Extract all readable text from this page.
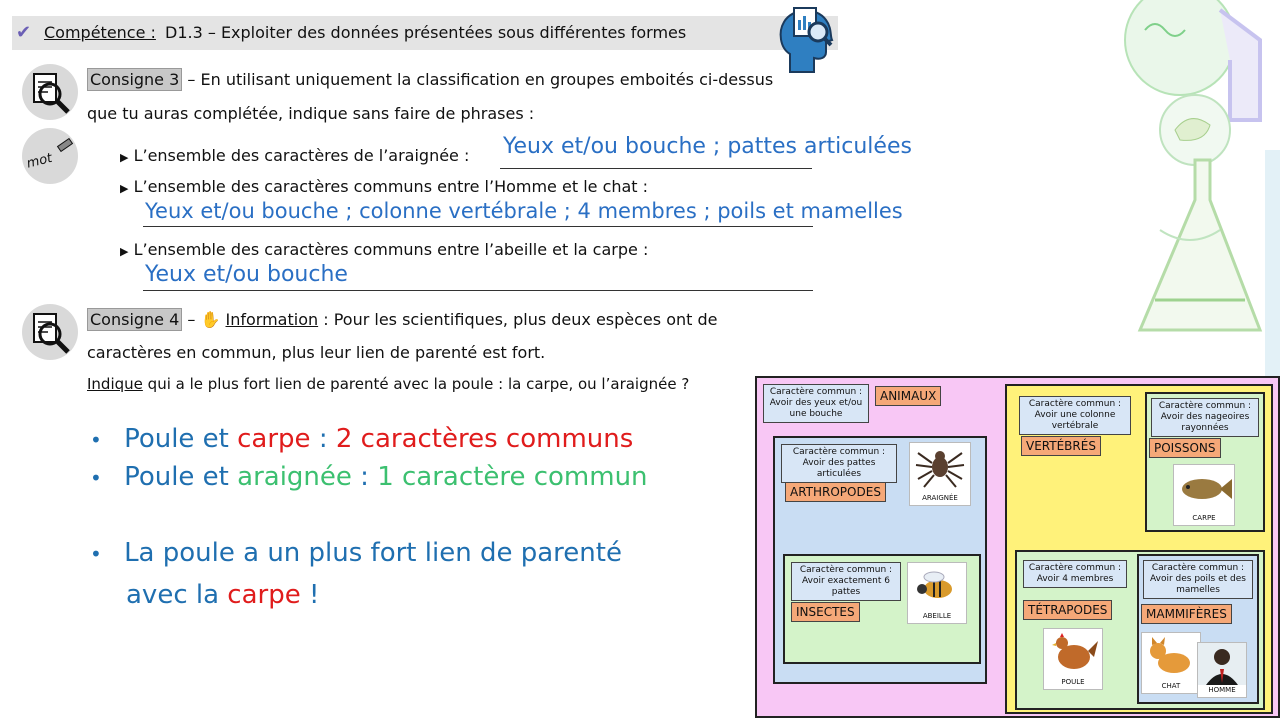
✔ Compétence : D1.3 – Exploiter des données présentées sous différentes formes
mot
Consigne 3 – En utilisant uniquement la classification en groupes emboités ci-dessus
que tu auras complétée, indique sans faire de phrases :
▶ L’ensemble des caractères de l’araignée : Yeux et/ou bouche ; pattes articulées
▶ L’ensemble des caractères communs entre l’Homme et le chat :
Yeux et/ou bouche ; colonne vertébrale ; 4 membres ; poils et mamelles
▶ L’ensemble des caractères communs entre l’abeille et la carpe :
Yeux et/ou bouche
Consigne 4 – ✋ Information : Pour les scientifiques, plus deux espèces ont de
caractères en commun, plus leur lien de parenté est fort.
Indique qui a le plus fort lien de parenté avec la poule : la carpe, ou l’araignée ?
• Poule et carpe : 2 caractères communs
• Poule et araignée : 1 caractère commun
• La poule a un plus fort lien de parenté
avec la carpe !
Caractère commun : Avoir des yeux et/ou une bouche
ANIMAUX
Caractère commun : Avoir des pattes articulées
ARTHROPODES	ARAIGNÉE
Caractère commun : Avoir exactement 6 pattes
INSECTES	ABEILLE
Caractère commun : Avoir une colonne vertébrale
VERTÉBRÉS
Caractère commun : Avoir des nageoires rayonnées
POISSONS
CARPE
Caractère commun : Avoir 4 membres
TÉTRAPODES
POULE
Caractère commun : Avoir des poils et des mamelles
MAMMIFÈRES
CHAT	HOMME
